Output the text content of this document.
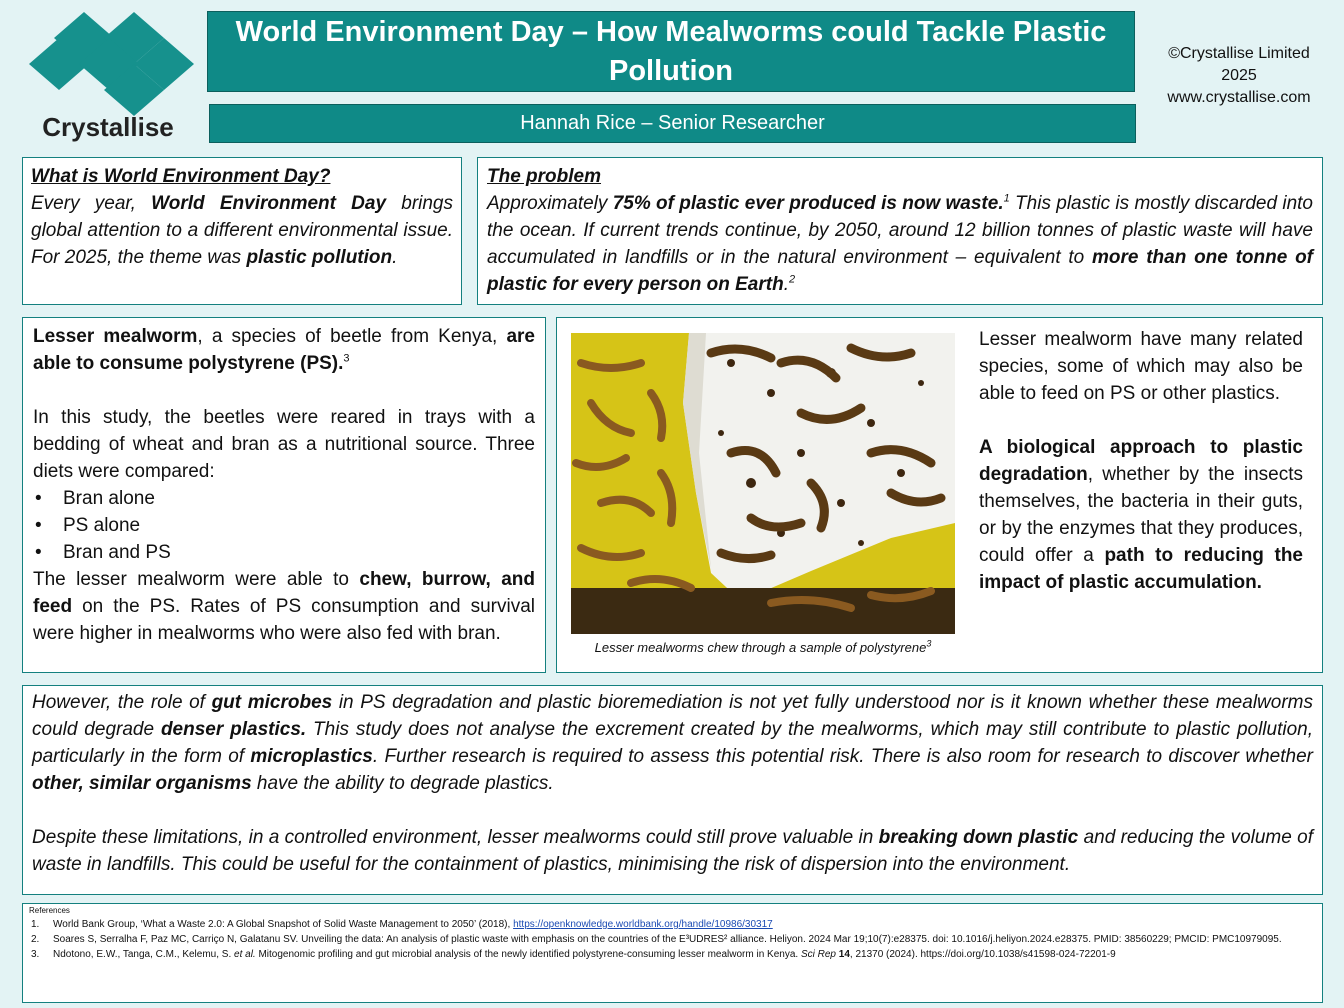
Crystallise
World Environment Day – How Mealworms could Tackle Plastic Pollution
Hannah Rice – Senior Researcher
©Crystallise Limited
2025
www.crystallise.com

What is World Environment Day?

Every year, World Environment Day brings global attention to a different environmental issue. For 2025, the theme was plastic pollution.

The problem

Approximately 75% of plastic ever produced is now waste.$^1$ This plastic is mostly discarded into the ocean. If current trends continue, by 2050, around 12 billion tonnes of plastic waste will have accumulated in landfills or in the natural environment – equivalent to more than one tonne of plastic for every person on Earth.$^2$

Lesser mealworm, a species of beetle from Kenya, are able to consume polystyrene (PS).$^3$

In this study, the beetles were reared in trays with a bedding of wheat and bran as a nutritional source. Three diets were compared:

• Bran alone
• PS alone
• Bran and PS

The lesser mealworm were able to chew, burrow, and feed on the PS. Rates of PS consumption and survival were higher in mealworms who were also fed with bran.

Lesser mealworms chew through a sample of polystyrene$^3$

Lesser mealworm have many related species, some of which may also be able to feed on PS or other plastics.

A biological approach to plastic degradation, whether by the insects themselves, the bacteria in their guts, or by the enzymes that they produces, could offer a path to reducing the impact of plastic accumulation.

However, the role of gut microbes in PS degradation and plastic bioremediation is not yet fully understood nor is it known whether these mealworms could degrade denser plastics. This study does not analyse the excrement created by the mealworms, which may still contribute to plastic pollution, particularly in the form of microplastics. Further research is required to assess this potential risk. There is also room for research to discover whether other, similar organisms have the ability to degrade plastics.

Despite these limitations, in a controlled environment, lesser mealworms could still prove valuable in breaking down plastic and reducing the volume of waste in landfills. This could be useful for the containment of plastics, minimising the risk of dispersion into the environment.

References
1. World Bank Group, ‘What a Waste 2.0: A Global Snapshot of Solid Waste Management to 2050’ (2018), https://openknowledge.worldbank.org/handle/10986/30317
2. Soares S, Serralha F, Paz MC, Carriço N, Galatanu SV. Unveiling the data: An analysis of plastic waste with emphasis on the countries of the E³UDRES² alliance. Heliyon. 2024 Mar 19;10(7):e28375. doi: 10.1016/j.heliyon.2024.e28375. PMID: 38560229; PMCID: PMC10979095.
3. Ndotono, E.W., Tanga, C.M., Kelemu, S. et al. Mitogenomic profiling and gut microbial analysis of the newly identified polystyrene-consuming lesser mealworm in Kenya. Sci Rep 14, 21370 (2024). https://doi.org/10.1038/s41598-024-72201-9
